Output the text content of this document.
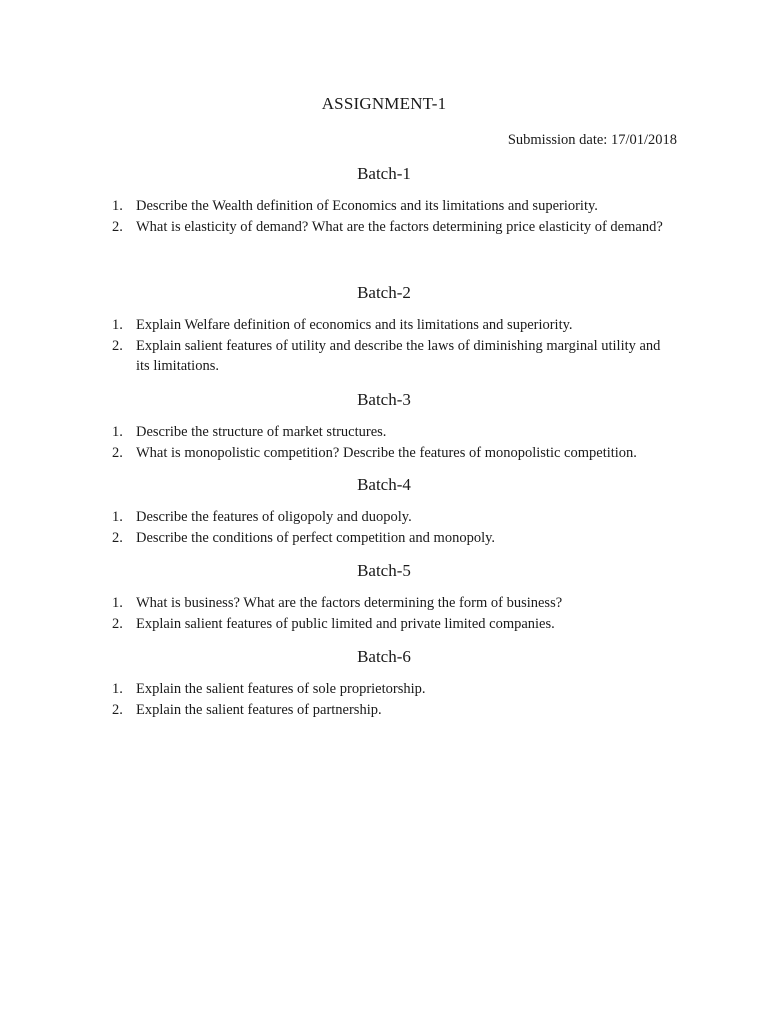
ASSIGNMENT-1
Submission date: 17/01/2018
Batch-1
1. Describe the Wealth definition of Economics and its limitations and superiority.
2. What is elasticity of demand? What are the factors determining price elasticity of demand?
Batch-2
1. Explain Welfare definition of economics and its limitations and superiority.
2. Explain salient features of utility and describe the laws of diminishing marginal utility and its limitations.
Batch-3
1. Describe the structure of market structures.
2. What is monopolistic competition? Describe the features of monopolistic competition.
Batch-4
1. Describe the features of oligopoly and duopoly.
2. Describe the conditions of perfect competition and monopoly.
Batch-5
1. What is business? What are the factors determining the form of business?
2. Explain salient features of public limited and private limited companies.
Batch-6
1. Explain the salient features of sole proprietorship.
2. Explain the salient features of partnership.
